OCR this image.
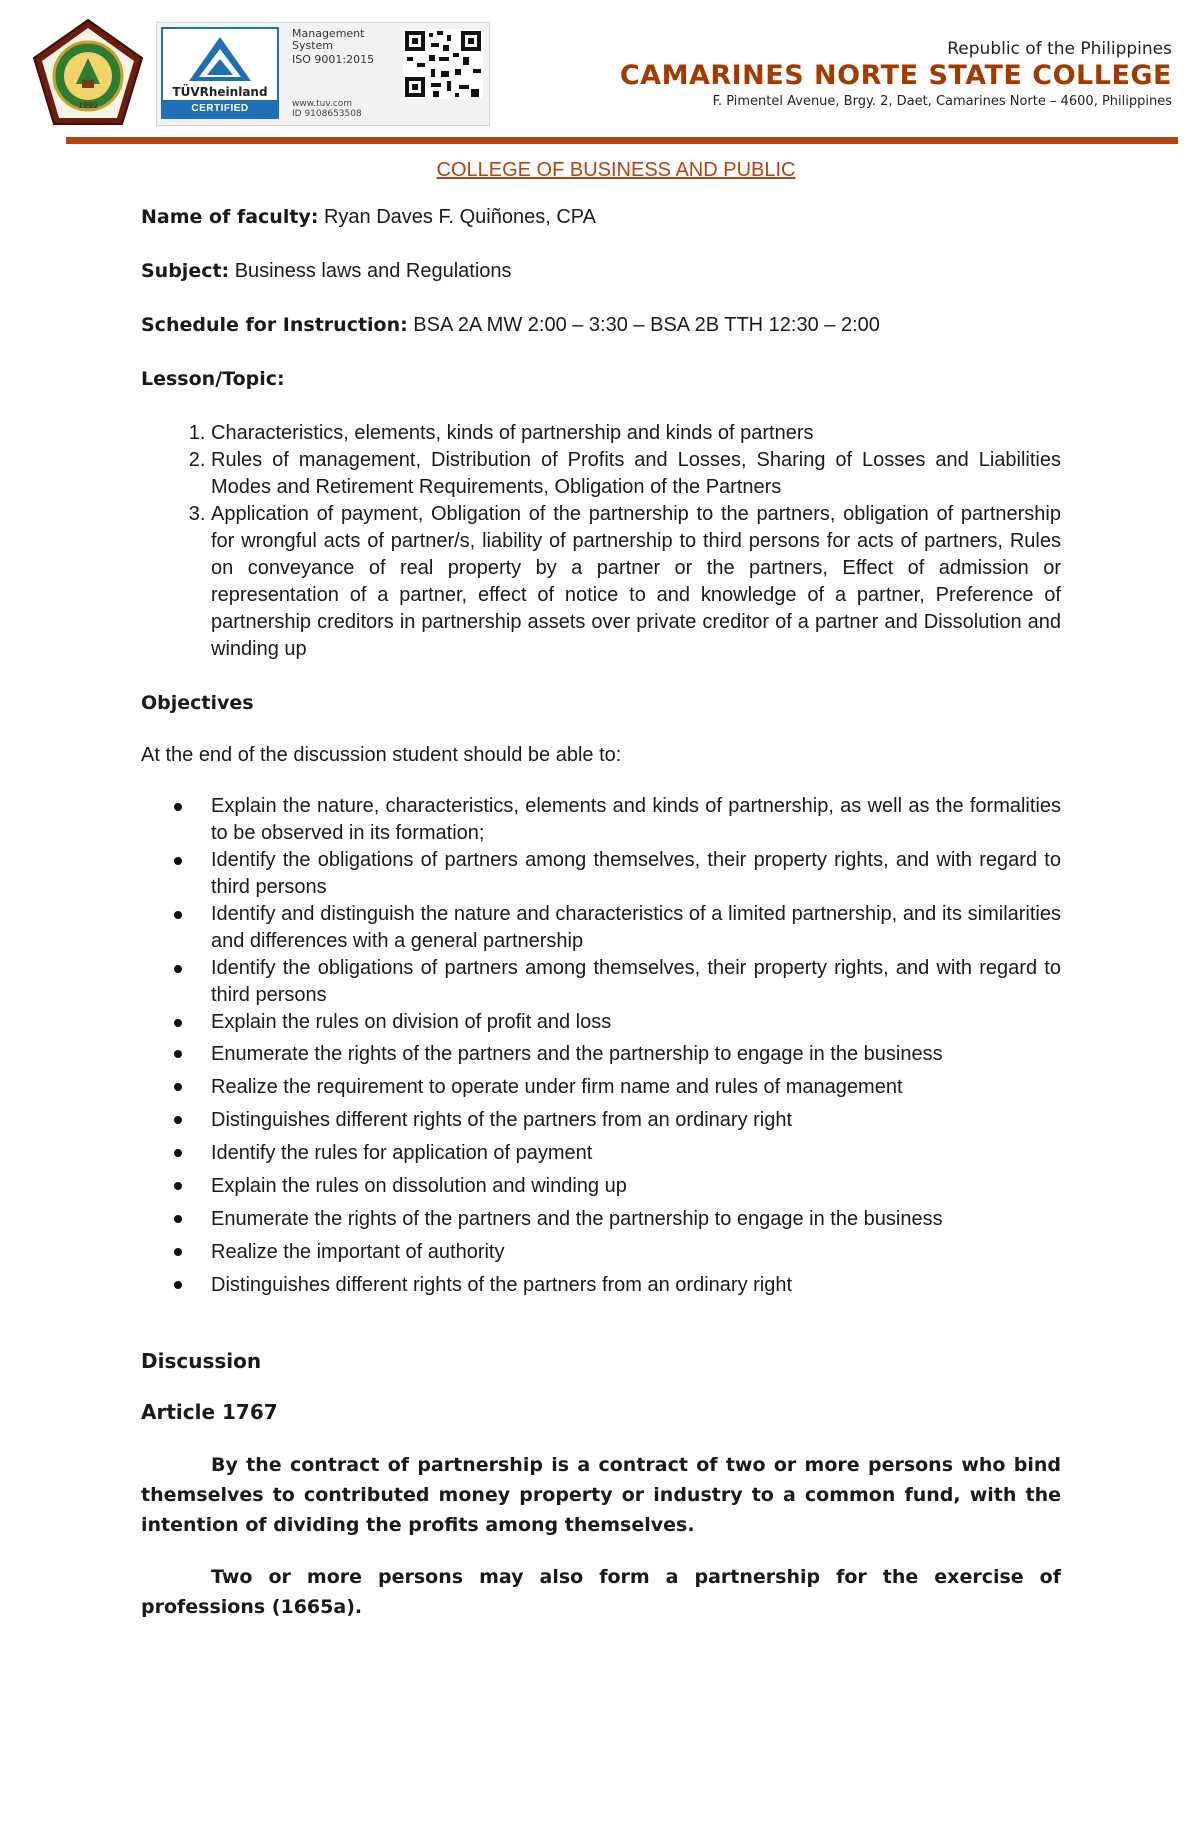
1992
TÜVRheinland
CERTIFIED
Management
System
ISO 9001:2015
www.tuv.com
ID 9108653508
Republic of the Philippines
CAMARINES NORTE STATE COLLEGE
F. Pimentel Avenue, Brgy. 2, Daet, Camarines Norte – 4600, Philippines
COLLEGE OF BUSINESS AND PUBLIC

Name of faculty: Ryan Daves F. Quiñones, CPA

Subject: Business laws and Regulations

Schedule for Instruction: BSA 2A MW 2:00 – 3:30 – BSA 2B TTH 12:30 – 2:00

Lesson/Topic:

1. Characteristics, elements, kinds of partnership and kinds of partners
2. Rules of management, Distribution of Profits and Losses, Sharing of Losses and Liabilities Modes and Retirement Requirements, Obligation of the Partners
3. Application of payment, Obligation of the partnership to the partners, obligation of partnership for wrongful acts of partner/s, liability of partnership to third persons for acts of partners, Rules on conveyance of real property by a partner or the partners, Effect of admission or representation of a partner, effect of notice to and knowledge of a partner, Preference of partnership creditors in partnership assets over private creditor of a partner and Dissolution and winding up

Objectives

At the end of the discussion student should be able to:

Explain the nature, characteristics, elements and kinds of partnership, as well as the formalities to be observed in its formation;
Identify the obligations of partners among themselves, their property rights, and with regard to third persons
Identify and distinguish the nature and characteristics of a limited partnership, and its similarities and differences with a general partnership
Identify the obligations of partners among themselves, their property rights, and with regard to third persons
Explain the rules on division of profit and loss
Enumerate the rights of the partners and the partnership to engage in the business
Realize the requirement to operate under firm name and rules of management
Distinguishes different rights of the partners from an ordinary right
Identify the rules for application of payment
Explain the rules on dissolution and winding up
Enumerate the rights of the partners and the partnership to engage in the business
Realize the important of authority
Distinguishes different rights of the partners from an ordinary right

Discussion

Article 1767

By the contract of partnership is a contract of two or more persons who bind themselves to contributed money property or industry to a common fund, with the intention of dividing the profits among themselves.

Two or more persons may also form a partnership for the exercise of professions (1665a).
